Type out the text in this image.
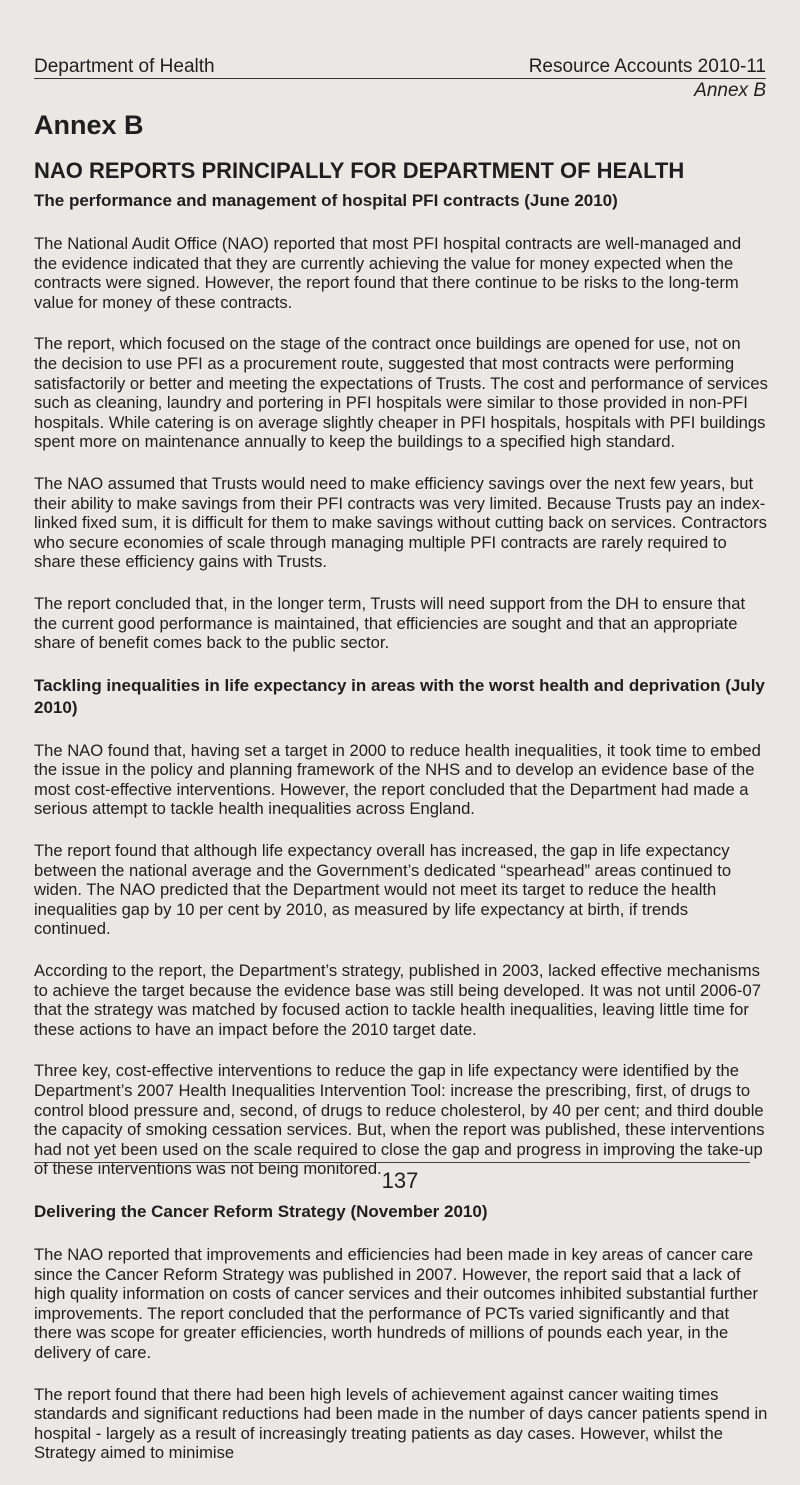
Department of Health	Resource Accounts 2010-11
Annex B
Annex B
NAO REPORTS PRINCIPALLY FOR DEPARTMENT OF HEALTH
The performance and management of hospital PFI contracts (June 2010)

The National Audit Office (NAO) reported that most PFI hospital contracts are well-managed and the evidence indicated that they are currently achieving the value for money expected when the contracts were signed. However, the report found that there continue to be risks to the long-term value for money of these contracts.

The report, which focused on the stage of the contract once buildings are opened for use, not on the decision to use PFI as a procurement route, suggested that most contracts were performing satisfactorily or better and meeting the expectations of Trusts. The cost and performance of services such as cleaning, laundry and portering in PFI hospitals were similar to those provided in non-PFI hospitals. While catering is on average slightly cheaper in PFI hospitals, hospitals with PFI buildings spent more on maintenance annually to keep the buildings to a specified high standard.

The NAO assumed that Trusts would need to make efficiency savings over the next few years, but their ability to make savings from their PFI contracts was very limited. Because Trusts pay an index-linked fixed sum, it is difficult for them to make savings without cutting back on services. Contractors who secure economies of scale through managing multiple PFI contracts are rarely required to share these efficiency gains with Trusts.

The report concluded that, in the longer term, Trusts will need support from the DH to ensure that the current good performance is maintained, that efficiencies are sought and that an appropriate share of benefit comes back to the public sector.

Tackling inequalities in life expectancy in areas with the worst health and deprivation (July 2010)

The NAO found that, having set a target in 2000 to reduce health inequalities, it took time to embed the issue in the policy and planning framework of the NHS and to develop an evidence base of the most cost-effective interventions. However, the report concluded that the Department had made a serious attempt to tackle health inequalities across England.

The report found that although life expectancy overall has increased, the gap in life expectancy between the national average and the Government’s dedicated “spearhead” areas continued to widen. The NAO predicted that the Department would not meet its target to reduce the health inequalities gap by 10 per cent by 2010, as measured by life expectancy at birth, if trends continued.

According to the report, the Department’s strategy, published in 2003, lacked effective mechanisms to achieve the target because the evidence base was still being developed. It was not until 2006-07 that the strategy was matched by focused action to tackle health inequalities, leaving little time for these actions to have an impact before the 2010 target date.

Three key, cost-effective interventions to reduce the gap in life expectancy were identified by the Department’s 2007 Health Inequalities Intervention Tool: increase the prescribing, first, of drugs to control blood pressure and, second, of drugs to reduce cholesterol, by 40 per cent; and third double the capacity of smoking cessation services. But, when the report was published, these interventions had not yet been used on the scale required to close the gap and progress in improving the take-up of these interventions was not being monitored.

Delivering the Cancer Reform Strategy (November 2010)

The NAO reported that improvements and efficiencies had been made in key areas of cancer care since the Cancer Reform Strategy was published in 2007. However, the report said that a lack of high quality information on costs of cancer services and their outcomes inhibited substantial further improvements. The report concluded that the performance of PCTs varied significantly and that there was scope for greater efficiencies, worth hundreds of millions of pounds each year, in the delivery of care.

The report found that there had been high levels of achievement against cancer waiting times standards and significant reductions had been made in the number of days cancer patients spend in hospital - largely as a result of increasingly treating patients as day cases. However, whilst the Strategy aimed to minimise

137
